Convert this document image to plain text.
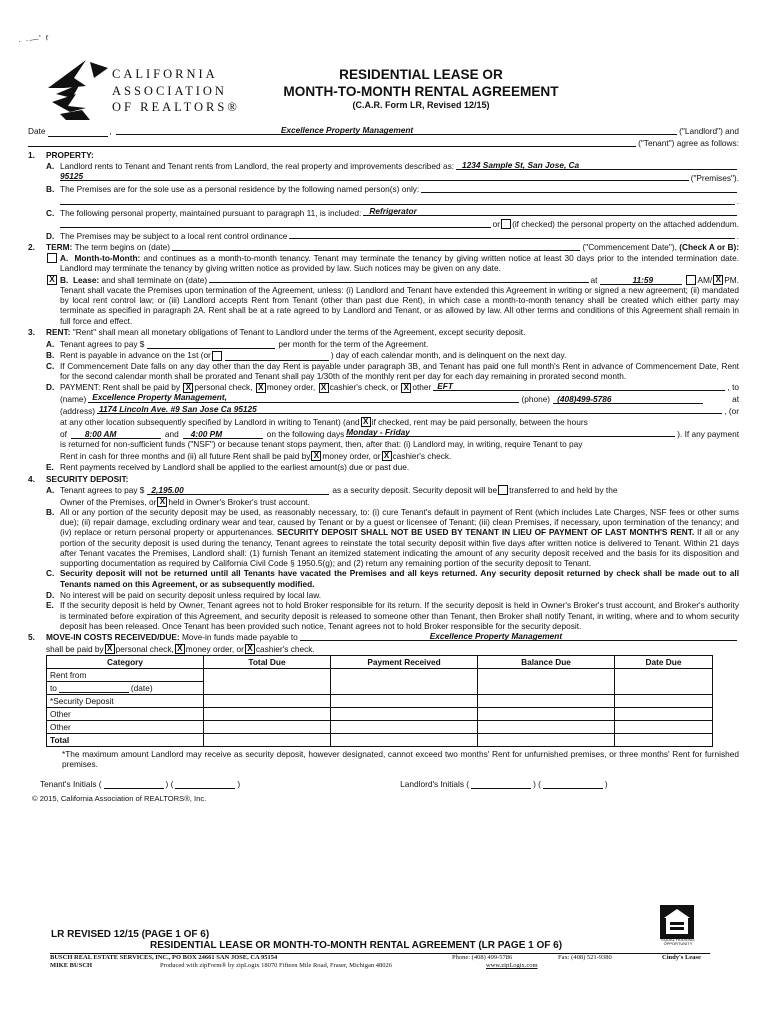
· ·—' r
CALIFORNIA
ASSOCIATION
OF REALTORS®
RESIDENTIAL LEASE OR
MONTH-TO-MONTH RENTAL AGREEMENT
(C.A.R. Form LR, Revised 12/15)
Date	,	Excellence Property Management	("Landlord") and
("Tenant") agree as follows:
1.	PROPERTY:
A. Landlord rents to Tenant and Tenant rents from Landlord, the real property and improvements described as: 1234 Sample St, San Jose, Ca
95125	("Premises").
B. The Premises are for the sole use as a personal residence by the following named person(s) only:
.
C. The following personal property, maintained pursuant to paragraph 11, is included: Refrigerator
or (if checked) the personal property on the attached addendum.
D. The Premises may be subject to a local rent control ordinance	.
2.	TERM:
The term begins on (date)	("Commencement Date"),
(Check A or B):
A. Month-to-Month: and continues as a month-to-month tenancy. Tenant may terminate the tenancy by giving written notice at least 30 days prior to the intended termination date. Landlord may terminate the tenancy by giving written notice as provided by law. Such notices may be given on any date.
X B.
Lease:
and shall terminate on (date)	at	11:59	AM/ X PM.
Tenant shall vacate the Premises upon termination of the Agreement, unless: (i) Landlord and Tenant have extended this Agreement in writing or signed a new agreement; (ii) mandated by local rent control law; or (iii) Landlord accepts Rent from Tenant (other than past due Rent), in which case a month-to-month tenancy shall be created which either party may terminate as specified in paragraph 2A. Rent shall be at a rate agreed to by Landlord and Tenant, or as allowed by law. All other terms and conditions of this Agreement shall remain in full force and effect.
3.	RENT:
"Rent" shall mean all monetary obligations of Tenant to Landlord under the terms of the Agreement, except security deposit.
A. Tenant agrees to pay $	per month for the term of the Agreement.
B. Rent is payable in advance on the 1st (or	) day of each calendar month, and is delinquent on the next day.
C. If Commencement Date falls on any day other than the day Rent is payable under paragraph 3B, and Tenant has paid one full month's Rent in advance of Commencement Date, Rent for the second calendar month shall be prorated and Tenant shall pay 1/30th of the monthly rent per day for each day remaining in prorated second month.
D. PAYMENT: Rent shall be paid by
X personal check,
X money order,
X cashier's check, or
X other EFT	, to
(name) Excellence Property Management,	(phone) (408)499-5786	at
(address) 1174 Lincoln Ave. #9 San Jose Ca 95125	, (or
at any other location subsequently specified by Landlord in writing to Tenant) (and X if checked, rent may be paid personally, between the hours
of 8:00 AM	and 4:00 PM	on the following days Monday - Friday	). If any payment
is returned for non-sufficient funds ("NSF") or because tenant stops payment, then, after that: (i) Landlord may, in writing, require Tenant to pay
Rent in cash for three months and (ii) all future Rent shall be paid by X money order, or X cashier's check.
E. Rent payments received by Landlord shall be applied to the earliest amount(s) due or past due.
4.	SECURITY DEPOSIT:
A. Tenant agrees to pay $ 2,195.00	as a security deposit. Security deposit will be transferred to and held by the
Owner of the Premises, or X held in Owner's Broker's trust account.
B. All or any portion of the security deposit may be used, as reasonably necessary, to: (i) cure Tenant's default in payment of Rent (which includes Late Charges, NSF fees or other sums due); (ii) repair damage, excluding ordinary wear and tear, caused by Tenant or by a guest or licensee of Tenant; (iii) clean Premises, if necessary, upon termination of the tenancy; and (iv) replace or return personal property or appurtenances. SECURITY DEPOSIT SHALL NOT BE USED BY TENANT IN LIEU OF PAYMENT OF LAST MONTH'S RENT. If all or any portion of the security deposit is used during the tenancy, Tenant agrees to reinstate the total security deposit within five days after written notice is delivered to Tenant. Within 21 days after Tenant vacates the Premises, Landlord shall: (1) furnish Tenant an itemized statement indicating the amount of any security deposit received and the basis for its disposition and supporting documentation as required by California Civil Code § 1950.5(g); and (2) return any remaining portion of the security deposit to Tenant.
C. Security deposit will not be returned until all Tenants have vacated the Premises and all keys returned. Any security deposit returned by check shall be made out to all Tenants named on this Agreement, or as subsequently modified.
D. No interest will be paid on security deposit unless required by local law.
E. If the security deposit is held by Owner, Tenant agrees not to hold Broker responsible for its return. If the security deposit is held in Owner's Broker's trust account, and Broker's authority is terminated before expiration of this Agreement, and security deposit is released to someone other than Tenant, then Broker shall notify Tenant, in writing, where and to whom security deposit has been released. Once Tenant has been provided such notice, Tenant agrees not to hold Broker responsible for the security deposit.
5.	MOVE-IN COSTS RECEIVED/DUE:
Move-in funds made payable to	Excellence Property Management
shall be paid by X personal check, X money order, or X cashier's check.
Category	Total Due	Payment Received	Balance Due	Date Due
Rent from				
to (date)				
*Security Deposit				
Other				
Other				
Total				
*The maximum amount Landlord may receive as security deposit, however designated, cannot exceed two months' Rent for unfurnished premises, or three months' Rent for furnished premises.
Tenant's Initials (	) (	)	Landlord's Initials (	) (	)
© 2015, California Association of REALTORS®, Inc.
LR REVISED 12/15 (PAGE 1 OF 6)
RESIDENTIAL LEASE OR MONTH-TO-MONTH RENTAL AGREEMENT (LR PAGE 1 OF 6)
EQUAL HOUSING OPPORTUNITY
BUSCH REAL ESTATE SERVICES, INC., PO BOX 24661 SAN JOSE, CA 95154	Phone: (408) 499-5786	Fax: (408) 521-9380	Cindy's Lease
MIKE BUSCH	Produced with zipForm® by zipLogix 18070 Fifteen Mile Road, Fraser, Michigan 48026	www.zipLogix.com
